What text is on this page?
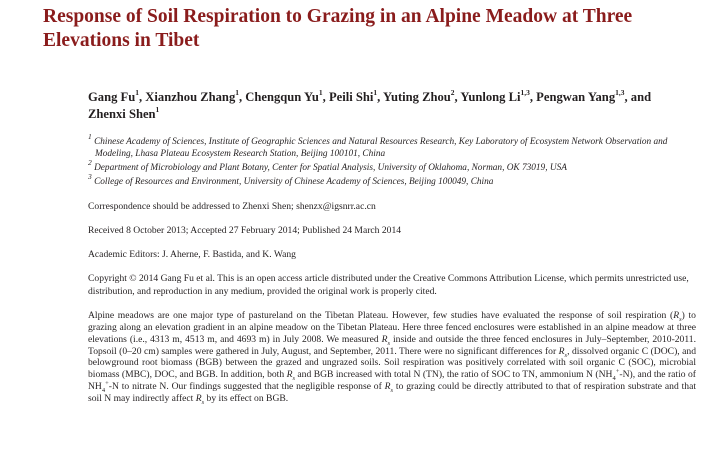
Response of Soil Respiration to Grazing in an Alpine Meadow at Three Elevations in Tibet

Gang Fu$^1$, Xianzhou Zhang$^1$, Chengqun Yu$^1$, Peili Shi$^1$, Yuting Zhou$^2$, Yunlong Li$^{1,3}$, Pengwan Yang$^{1,3}$, and Zhenxi Shen$^1$

$^1$ Chinese Academy of Sciences, Institute of Geographic Sciences and Natural Resources Research, Key Laboratory of Ecosystem Network Observation and Modeling, Lhasa Plateau Ecosystem Research Station, Beijing 100101, China

$^2$ Department of Microbiology and Plant Botany, Center for Spatial Analysis, University of Oklahoma, Norman, OK 73019, USA

$^3$ College of Resources and Environment, University of Chinese Academy of Sciences, Beijing 100049, China

Correspondence should be addressed to Zhenxi Shen; shenzx@igsnrr.ac.cn

Received 8 October 2013; Accepted 27 February 2014; Published 24 March 2014

Academic Editors: J. Aherne, F. Bastida, and K. Wang

Copyright © 2014 Gang Fu et al. This is an open access article distributed under the Creative Commons Attribution License, which permits unrestricted use, distribution, and reproduction in any medium, provided the original work is properly cited.

Alpine meadows are one major type of pastureland on the Tibetan Plateau. However, few studies have evaluated the response of soil respiration $(R_s)$ to grazing along an elevation gradient in an alpine meadow on the Tibetan Plateau. Here three fenced enclosures were established in an alpine meadow at three elevations (i.e., 4313 m, 4513 m, and 4693 m) in July 2008. We measured $R_s$ inside and outside the three fenced enclosures in July–September, 2010-2011. Topsoil (0–20 cm) samples were gathered in July, August, and September, 2011. There were no significant differences for $R_s$, dissolved organic C (DOC), and belowground root biomass (BGB) between the grazed and ungrazed soils. Soil respiration was positively correlated with soil organic C (SOC), microbial biomass (MBC), DOC, and BGB. In addition, both $R_s$ and BGB increased with total N (TN), the ratio of SOC to TN, ammonium N $(NH_4^+-N)$, and the ratio of $NH_4^+-N$ to nitrate N. Our findings suggested that the negligible response of $R_s$ to grazing could be directly attributed to that of respiration substrate and that soil N may indirectly affect $R_s$ by its effect on BGB.
